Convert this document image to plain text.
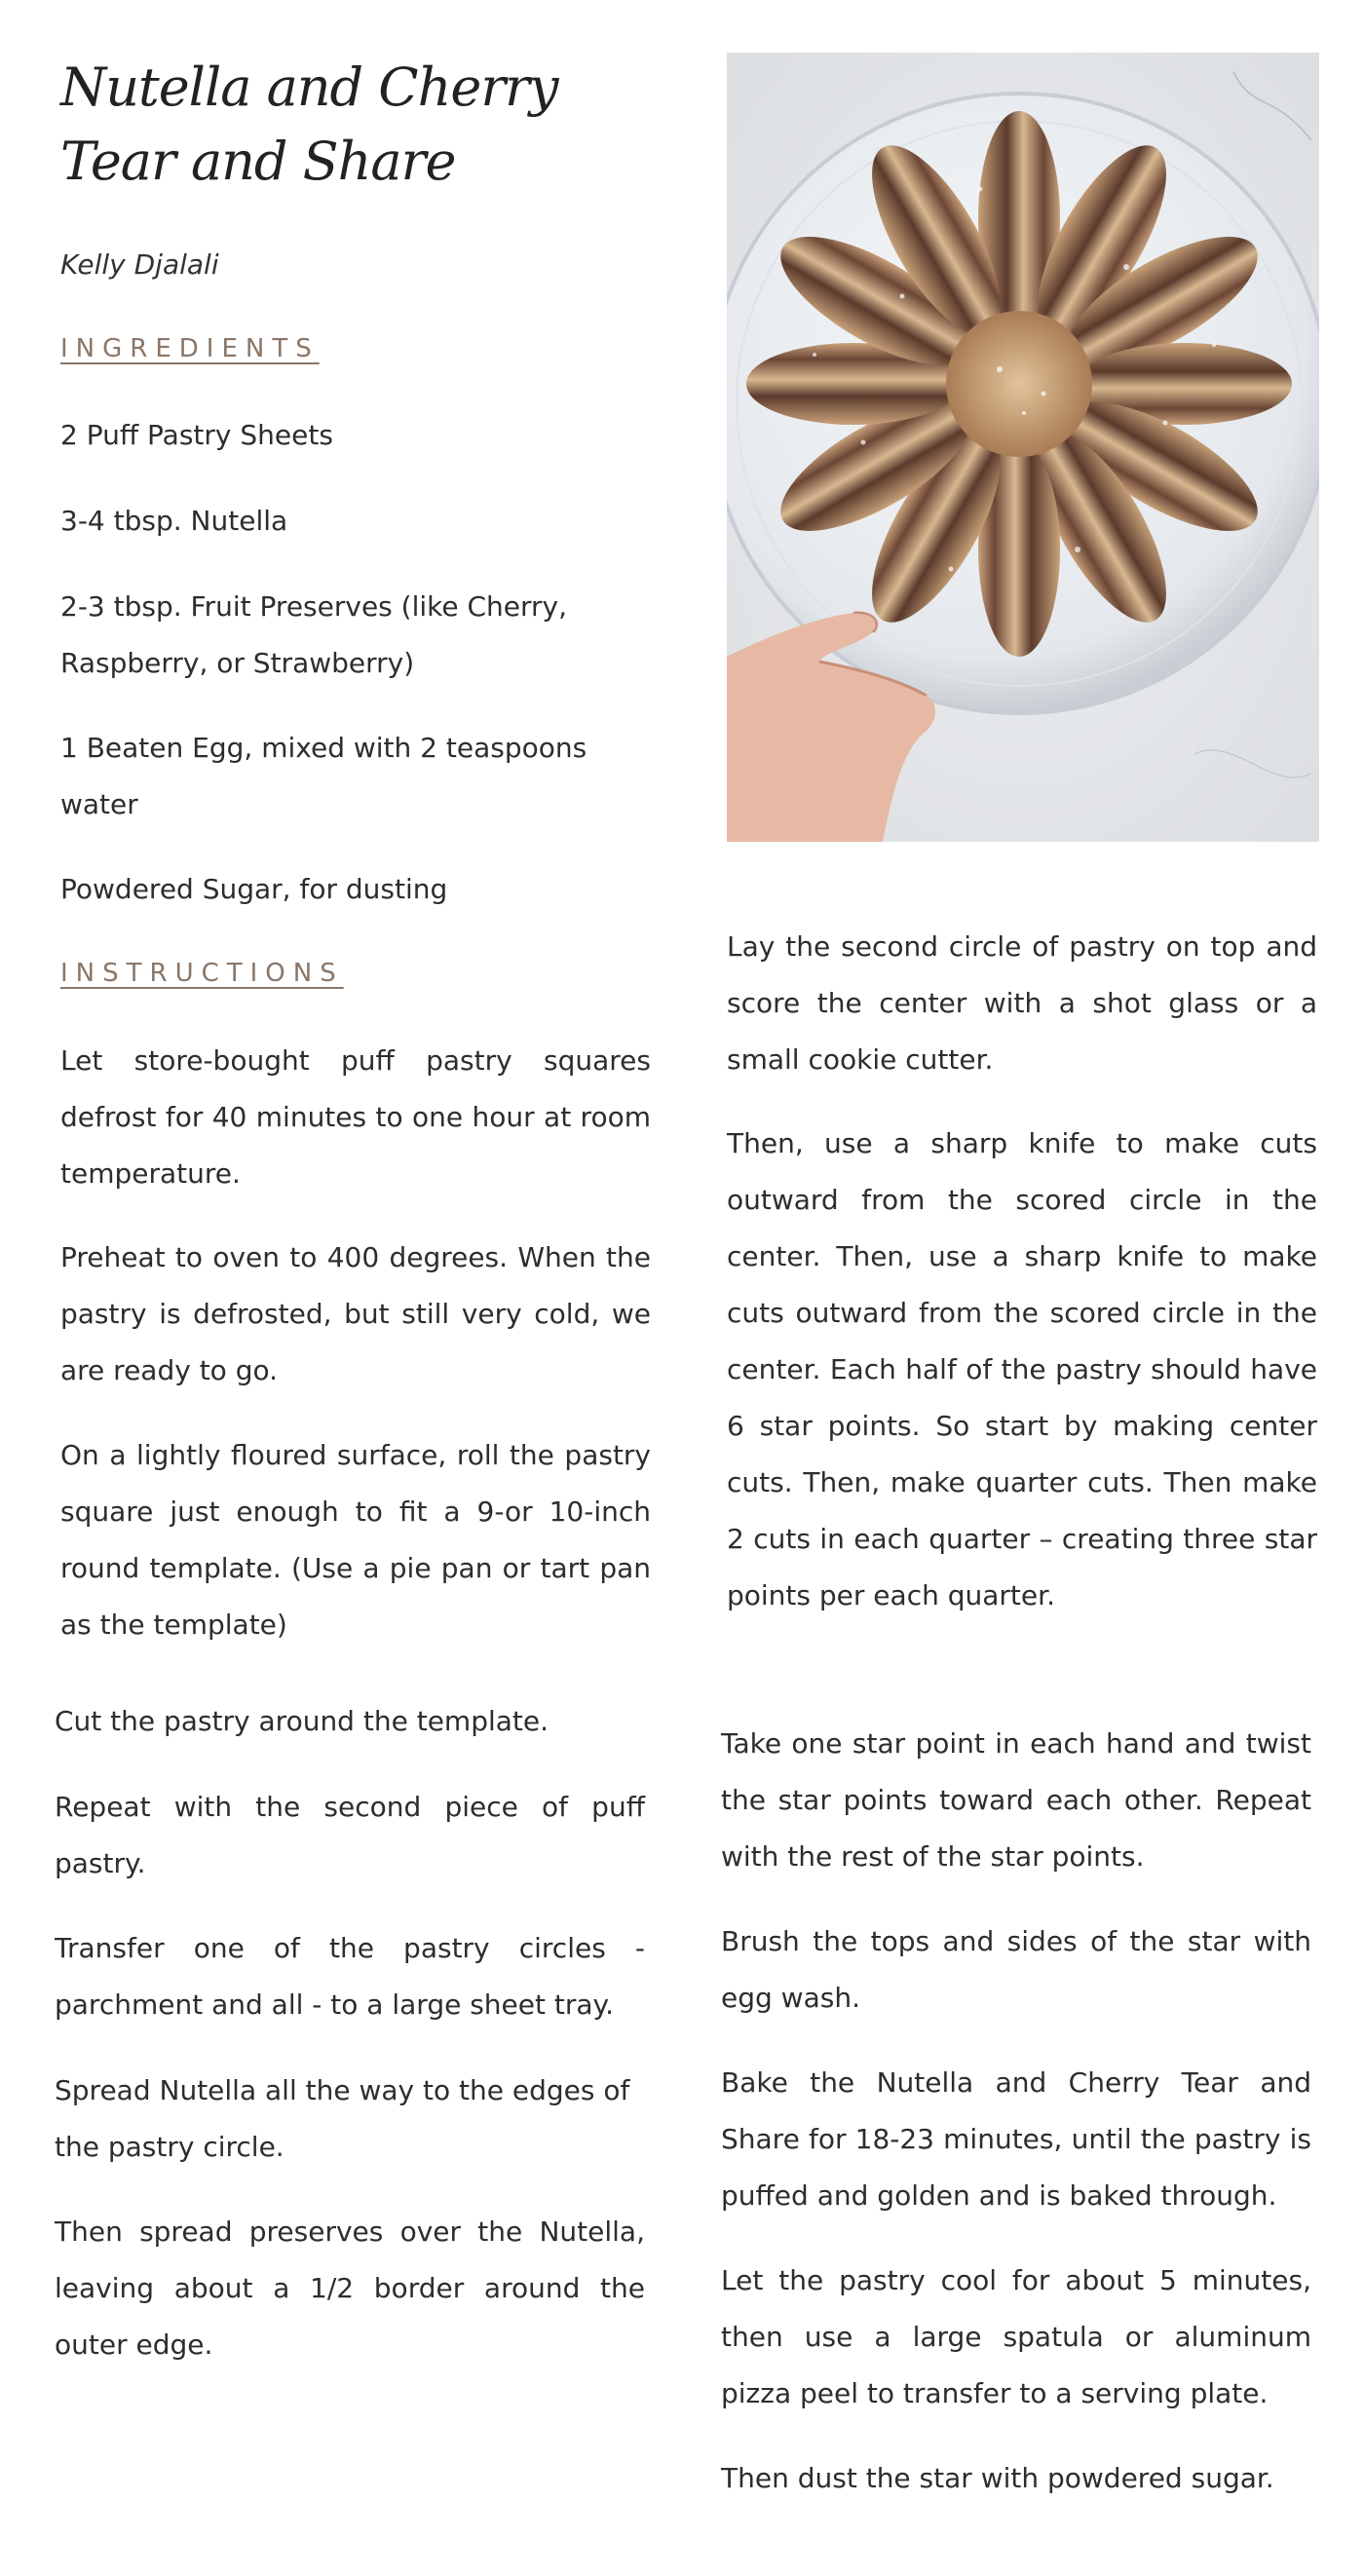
Nutella and Cherry Tear and Share

Kelly Djalali

INGREDIENTS

2 Puff Pastry Sheets

3-4 tbsp. Nutella

2-3 tbsp. Fruit Preserves (like Cherry, Raspberry, or Strawberry)

1 Beaten Egg, mixed with 2 teaspoons water

Powdered Sugar, for dusting

INSTRUCTIONS

Let store-bought puff pastry squares defrost for 40 minutes to one hour at room temperature.

Preheat to oven to 400 degrees. When the pastry is defrosted, but still very cold, we are ready to go.

On a lightly floured surface, roll the pastry square just enough to fit a 9-or 10-inch round template. (Use a pie pan or tart pan as the template)

Cut the pastry around the template.

Repeat with the second piece of puff pastry.

Transfer one of the pastry circles - parchment and all - to a large sheet tray.

Spread Nutella all the way to the edges of the pastry circle.

Then spread preserves over the Nutella, leaving about a 1/2 border around the outer edge.

Lay the second circle of pastry on top and score the center with a shot glass or a small cookie cutter.

Then, use a sharp knife to make cuts outward from the scored circle in the center. Then, use a sharp knife to make cuts outward from the scored circle in the center. Each half of the pastry should have 6 star points. So start by making center cuts. Then, make quarter cuts. Then make 2 cuts in each quarter – creating three star points per each quarter.

Take one star point in each hand and twist the star points toward each other. Repeat with the rest of the star points.

Brush the tops and sides of the star with egg wash.

Bake the Nutella and Cherry Tear and Share for 18-23 minutes, until the pastry is puffed and golden and is baked through.

Let the pastry cool for about 5 minutes, then use a large spatula or aluminum pizza peel to transfer to a serving plate.

Then dust the star with powdered sugar.
